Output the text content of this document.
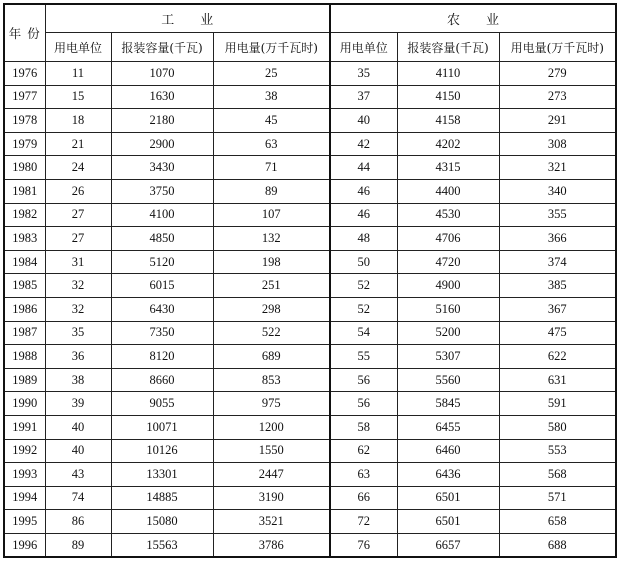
年 份	工　　业			农　　业		
	用电单位	报装容量(千瓦)	用电量(万千瓦时)	用电单位	报装容量(千瓦)	用电量(万千瓦时)
1976	11	1070	25	35	4110	279
1977	15	1630	38	37	4150	273
1978	18	2180	45	40	4158	291
1979	21	2900	63	42	4202	308
1980	24	3430	71	44	4315	321
1981	26	3750	89	46	4400	340
1982	27	4100	107	46	4530	355
1983	27	4850	132	48	4706	366
1984	31	5120	198	50	4720	374
1985	32	6015	251	52	4900	385
1986	32	6430	298	52	5160	367
1987	35	7350	522	54	5200	475
1988	36	8120	689	55	5307	622
1989	38	8660	853	56	5560	631
1990	39	9055	975	56	5845	591
1991	40	10071	1200	58	6455	580
1992	40	10126	1550	62	6460	553
1993	43	13301	2447	63	6436	568
1994	74	14885	3190	66	6501	571
1995	86	15080	3521	72	6501	658
1996	89	15563	3786	76	6657	688
